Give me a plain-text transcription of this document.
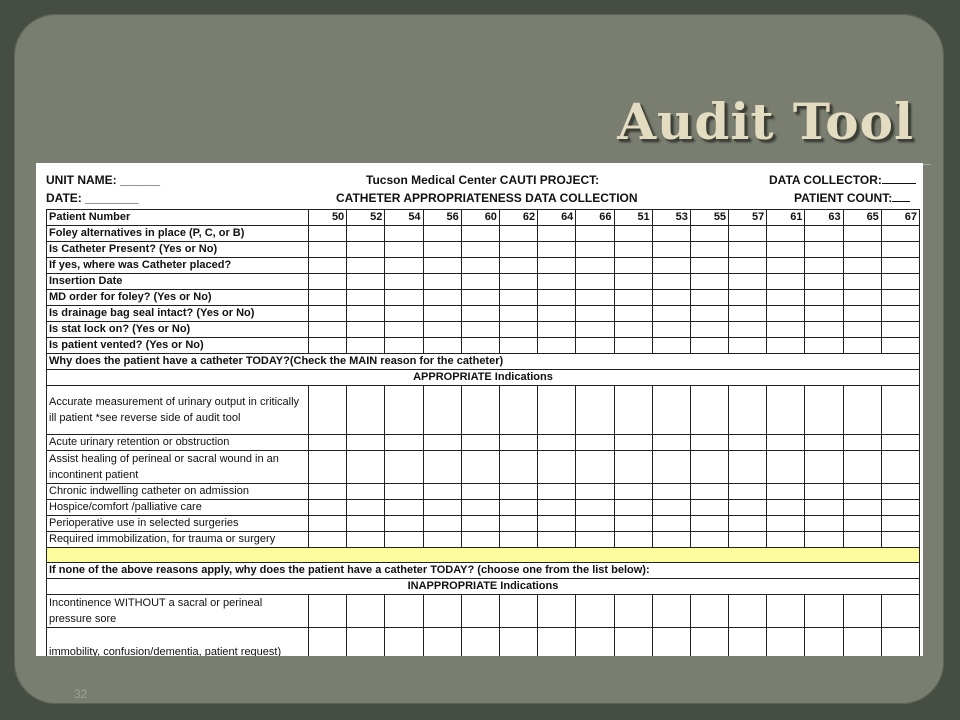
Audit Tool
32
UNIT NAME: ______
DATE: ________
Tucson Medical Center CAUTI PROJECT:
CATHETER APPROPRIATENESS DATA COLLECTION
DATA COLLECTOR:
PATIENT COUNT:
Patient Number	50	52	54	56	60	62	64	66	51	53	55	57	61	63	65	67
Foley alternatives in place (P, C, or B)																
Is Catheter Present? (Yes or No)																
If yes, where was Catheter placed?																
Insertion Date																
MD order for foley? (Yes or No)																
Is drainage bag seal intact? (Yes or No)																
Is stat lock on? (Yes or No)																
Is patient vented? (Yes or No)																
Why does the patient have a catheter TODAY?(Check the MAIN reason for the catheter)																
APPROPRIATE Indications																
Accurate measurement of urinary output in critically ill patient *see reverse side of audit tool																
Acute urinary retention or obstruction																
Assist healing of perineal or sacral wound in an incontinent patient																
Chronic indwelling catheter on admission																
Hospice/comfort /palliative care																
Perioperative use in selected surgeries																
Required immobilization, for trauma or surgery																

If none of the above reasons apply, why does the patient have a catheter TODAY? (choose one from the list below):																
INAPPROPRIATE Indications																
Incontinence WITHOUT a sacral or perineal pressure sore																
immobility, confusion/dementia, patient request)																
